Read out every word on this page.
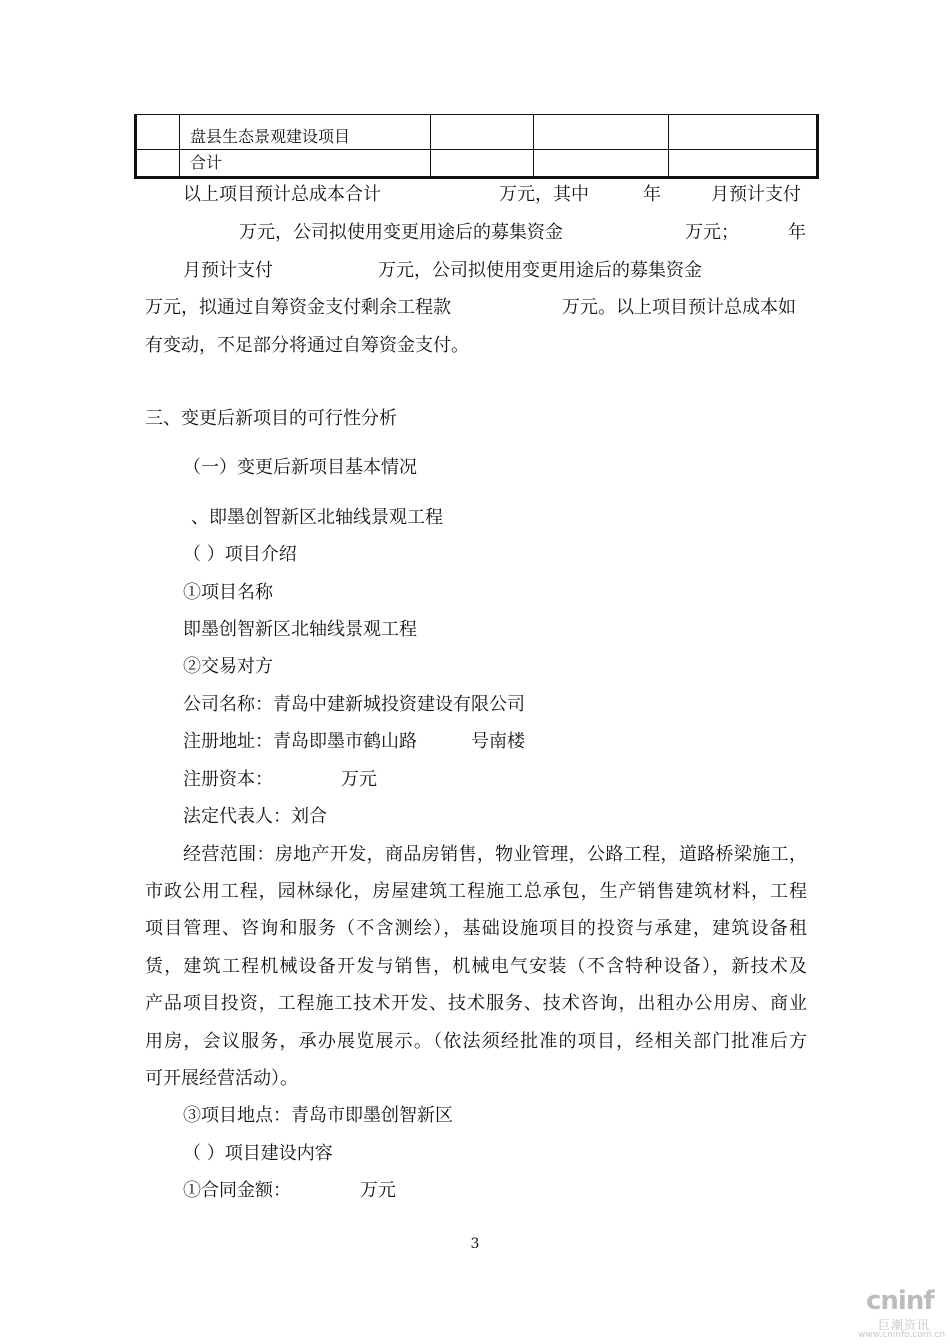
	盘县生态景观建设项目			
	合计			
以上项目预计总成本合计	万元，其中	年	月预计支付
万元，公司拟使用变更用途后的募集资金	万元；	年
月预计支付	万元，公司拟使用变更用途后的募集资金
万元，拟通过自筹资金支付剩余工程款	万元。以上项目预计总成本如
有变动，不足部分将通过自筹资金支付。
三、变更后新项目的可行性分析
（一）变更后新项目基本情况
、即墨创智新区北轴线景观工程
（ ）项目介绍
①项目名称
即墨创智新区北轴线景观工程
②交易对方
公司名称：青岛中建新城投资建设有限公司
注册地址：青岛即墨市鹤山路	号南楼
注册资本：	万元
法定代表人：刘合
经营范围：房地产开发，商品房销售，物业管理，公路工程，道路桥梁施工，
市政公用工程，园林绿化，房屋建筑工程施工总承包，生产销售建筑材料，工程
项目管理、咨询和服务（不含测绘），基础设施项目的投资与承建，建筑设备租
赁，建筑工程机械设备开发与销售，机械电气安装（不含特种设备），新技术及
产品项目投资，工程施工技术开发、技术服务、技术咨询，出租办公用房、商业
用房，会议服务，承办展览展示。（依法须经批准的项目，经相关部门批准后方
可开展经营活动）。
③项目地点：青岛市即墨创智新区
（ ）项目建设内容
①合同金额：	万元
3
cninf
巨潮资讯
www.cninfo.com.cn
